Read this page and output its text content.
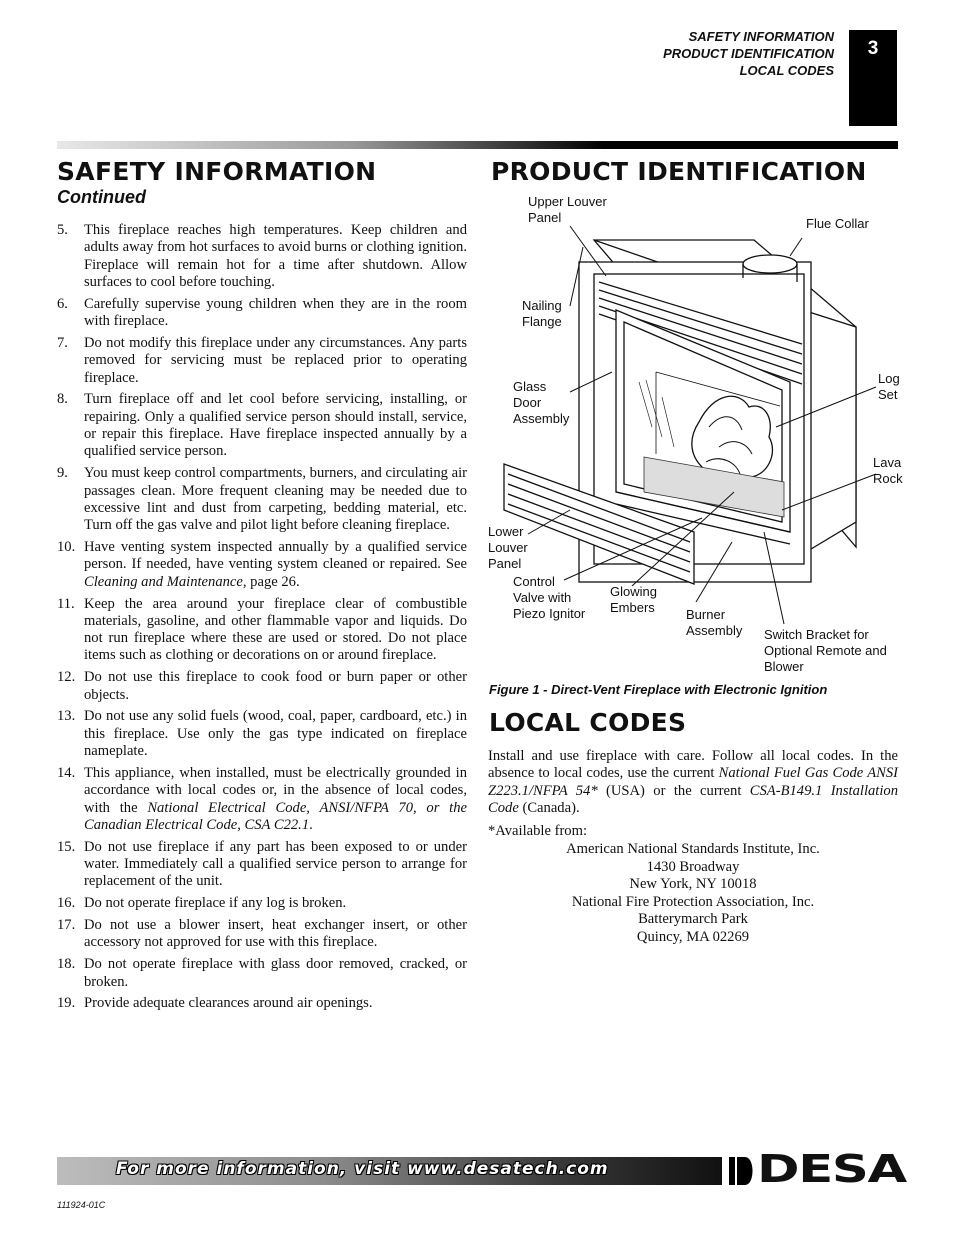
SAFETY INFORMATION
PRODUCT IDENTIFICATION
LOCAL CODES
3
SAFETY INFORMATION
Continued
5. This fireplace reaches high temperatures. Keep children and adults away from hot surfaces to avoid burns or clothing ignition. Fireplace will remain hot for a time after shutdown. Allow surfaces to cool before touching.
6. Carefully supervise young children when they are in the room with fireplace.
7. Do not modify this fireplace under any circumstances. Any parts removed for servicing must be replaced prior to operating fireplace.
8. Turn fireplace off and let cool before servicing, installing, or repairing. Only a qualified service person should install, service, or repair this fireplace. Have fireplace inspected annually by a qualified service person.
9. You must keep control compartments, burners, and circulating air passages clean. More frequent cleaning may be needed due to excessive lint and dust from carpeting, bedding material, etc. Turn off the gas valve and pilot light before cleaning fireplace.
10. Have venting system inspected annually by a qualified service person. If needed, have venting system cleaned or repaired. See Cleaning and Maintenance, page 26.
11. Keep the area around your fireplace clear of combustible materials, gasoline, and other flammable vapor and liquids. Do not run fireplace where these are used or stored. Do not place items such as clothing or decorations on or around fireplace.
12. Do not use this fireplace to cook food or burn paper or other objects.
13. Do not use any solid fuels (wood, coal, paper, cardboard, etc.) in this fireplace. Use only the gas type indicated on fireplace nameplate.
14. This appliance, when installed, must be electrically grounded in accordance with local codes or, in the absence of local codes, with the National Electrical Code, ANSI/NFPA 70, or the Canadian Electrical Code, CSA C22.1.
15. Do not use fireplace if any part has been exposed to or under water. Immediately call a qualified service person to arrange for replacement of the unit.
16. Do not operate fireplace if any log is broken.
17. Do not use a blower insert, heat exchanger insert, or other accessory not approved for use with this fireplace.
18. Do not operate fireplace with glass door removed, cracked, or broken.
19. Provide adequate clearances around air openings.
PRODUCT IDENTIFICATION
Upper Louver
Panel	Flue Collar
Nailing
Flange
Glass
Door
Assembly
Log
Set
Lava
Rock
Lower
Louver
Panel
Control
Valve with
Piezo Ignitor
Glowing
Embers Burner
Assembly Switch Bracket for
Optional Remote and
Blower
Figure 1 - Direct-Vent Fireplace with Electronic Ignition
LOCAL CODES

Install and use fireplace with care. Follow all local codes. In the absence to local codes, use the current National Fuel Gas Code ANSI Z223.1/NFPA 54* (USA) or the current CSA-B149.1 Installation Code (Canada).

*Available from:

American National Standards Institute, Inc.
1430 Broadway
New York, NY 10018
National Fire Protection Association, Inc.
Batterymarch Park
Quincy, MA 02269
For more information, visit www.desatech.com	DESA
111924-01C
